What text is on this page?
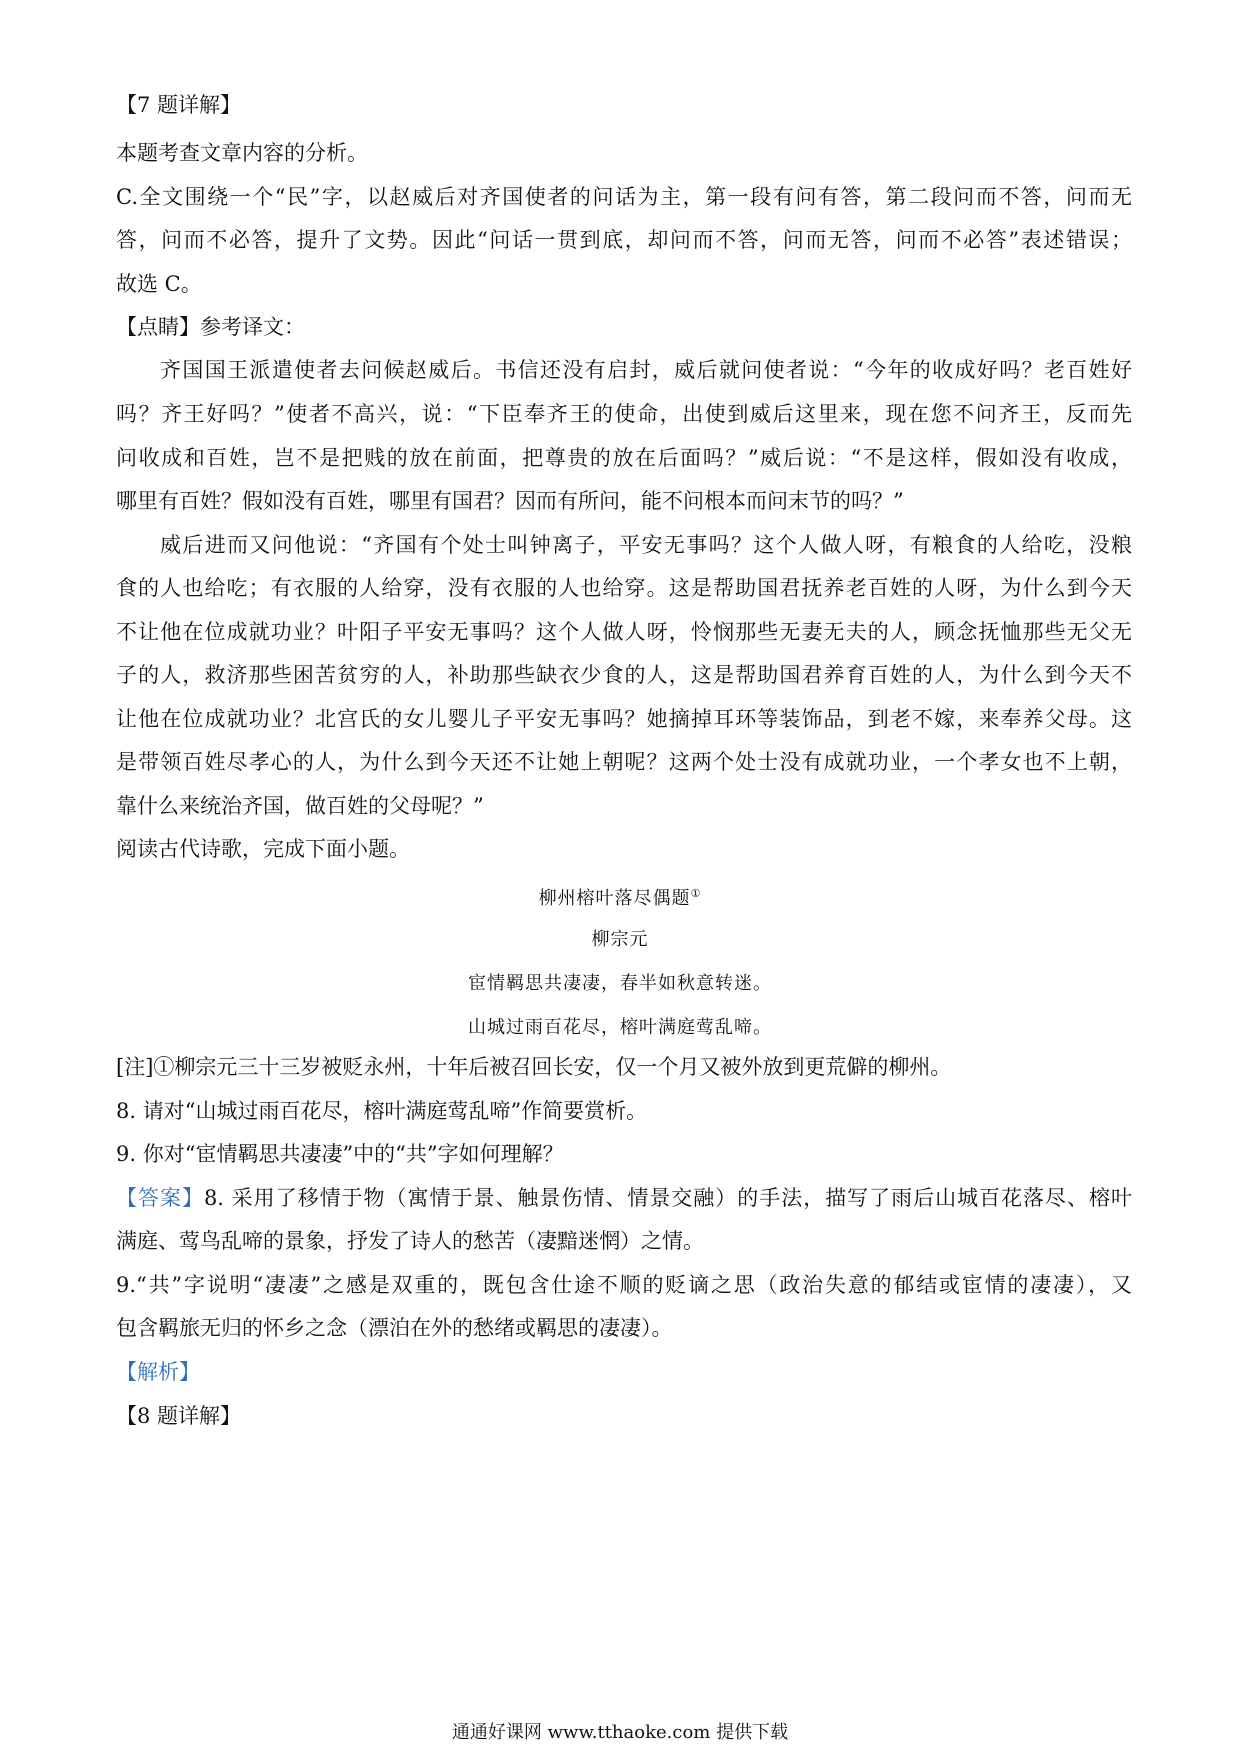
【7 题详解】
本题考查文章内容的分析。
C.全文围绕一个“民”字，以赵威后对齐国使者的问话为主，第一段有问有答，第二段问而不答，问而无
答，问而不必答，提升了文势。因此“问话一贯到底，却问而不答，问而无答，问而不必答”表述错误；
故选 C。
【点睛】参考译文：
齐国国王派遣使者去问候赵威后。书信还没有启封，威后就问使者说：“今年的收成好吗？老百姓好
吗？齐王好吗？”使者不高兴，说：“下臣奉齐王的使命，出使到威后这里来，现在您不问齐王，反而先
问收成和百姓，岂不是把贱的放在前面，把尊贵的放在后面吗？”威后说：“不是这样，假如没有收成，
哪里有百姓？假如没有百姓，哪里有国君？因而有所问，能不问根本而问末节的吗？”
威后进而又问他说：“齐国有个处士叫钟离子，平安无事吗？这个人做人呀，有粮食的人给吃，没粮
食的人也给吃；有衣服的人给穿，没有衣服的人也给穿。这是帮助国君抚养老百姓的人呀，为什么到今天
不让他在位成就功业？叶阳子平安无事吗？这个人做人呀，怜悯那些无妻无夫的人，顾念抚恤那些无父无
子的人，救济那些困苦贫穷的人，补助那些缺衣少食的人，这是帮助国君养育百姓的人，为什么到今天不
让他在位成就功业？北宫氏的女儿婴儿子平安无事吗？她摘掉耳环等装饰品，到老不嫁，来奉养父母。这
是带领百姓尽孝心的人，为什么到今天还不让她上朝呢？这两个处士没有成就功业，一个孝女也不上朝，
靠什么来统治齐国，做百姓的父母呢？”
阅读古代诗歌，完成下面小题。
柳州榕叶落尽偶题①
柳宗元
宦情羁思共凄凄，春半如秋意转迷。
山城过雨百花尽，榕叶满庭莺乱啼。
[注]①柳宗元三十三岁被贬永州，十年后被召回长安，仅一个月又被外放到更荒僻的柳州。
8. 请对“山城过雨百花尽，榕叶满庭莺乱啼”作简要赏析。
9. 你对“宦情羁思共凄凄”中的“共”字如何理解？
【答案】8. 采用了移情于物（寓情于景、触景伤情、情景交融）的手法，描写了雨后山城百花落尽、榕叶
满庭、莺鸟乱啼的景象，抒发了诗人的愁苦（凄黯迷惘）之情。
9.“共”字说明“凄凄”之感是双重的，既包含仕途不顺的贬谪之思（政治失意的郁结或宦情的凄凄），又
包含羁旅无归的怀乡之念（漂泊在外的愁绪或羁思的凄凄）。
【解析】
【8 题详解】
通通好课网 www.tthaoke.com 提供下载
